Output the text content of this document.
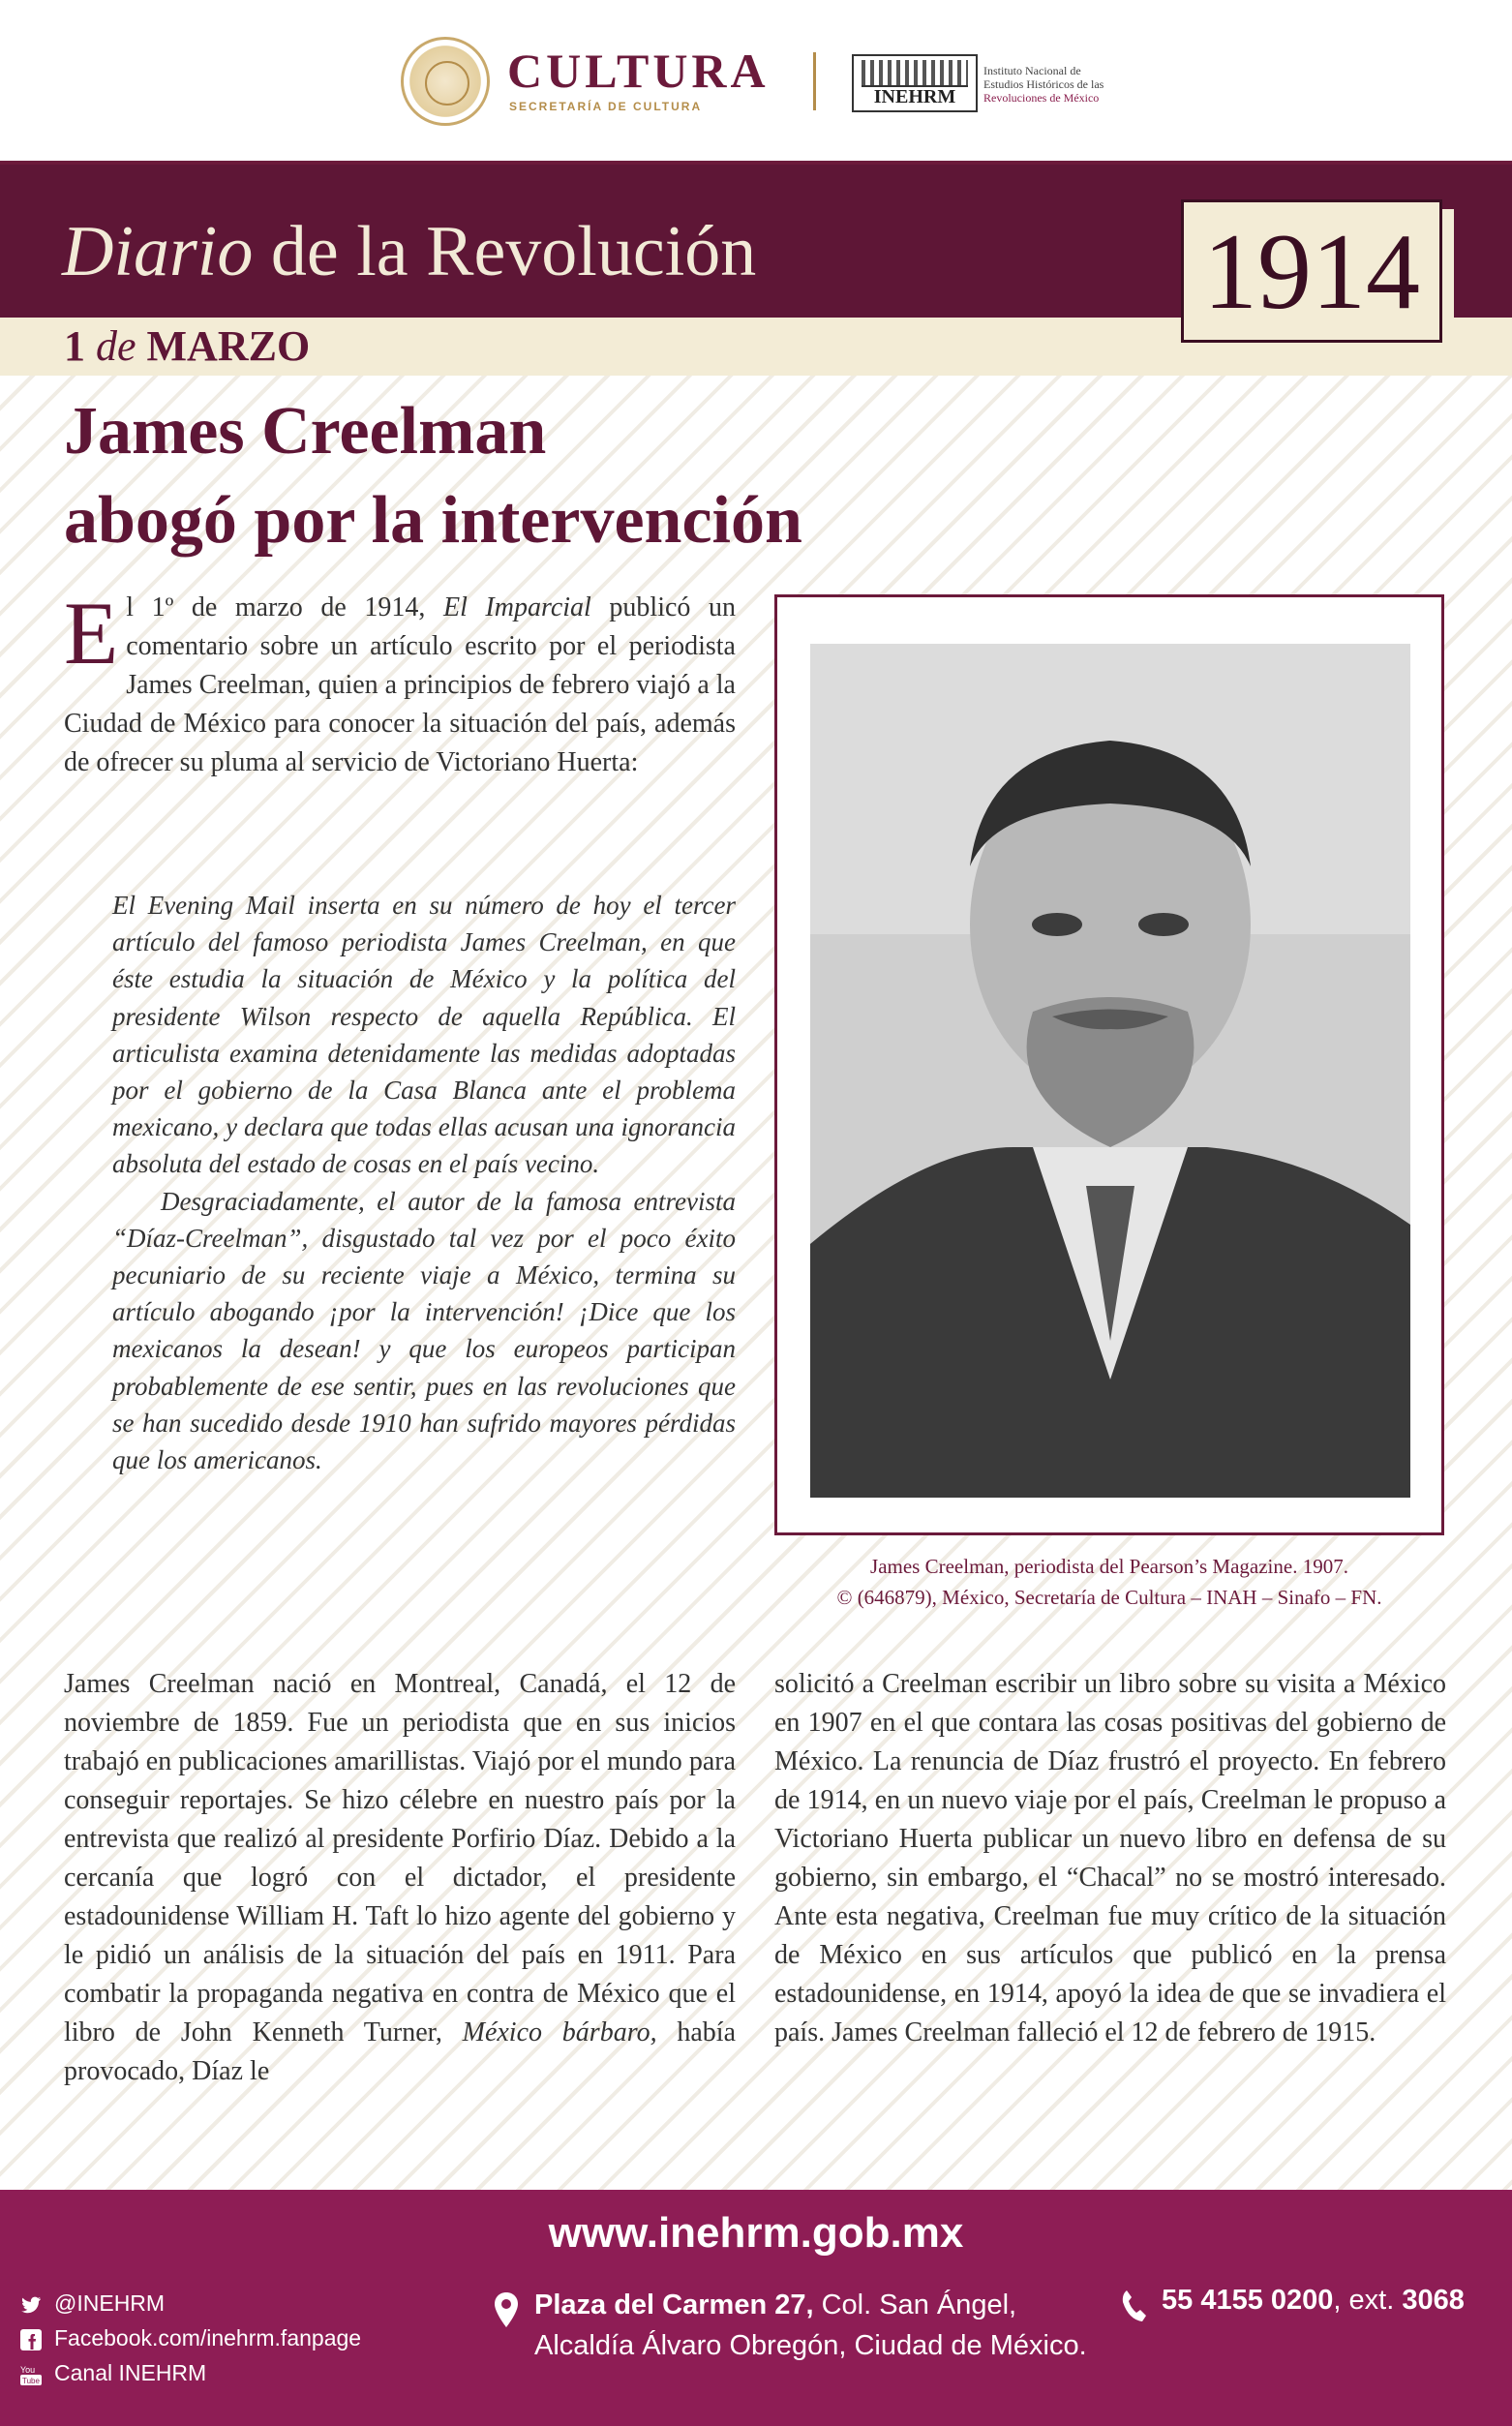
CULTURA
SECRETARÍA DE CULTURA	INEHRM
Instituto Nacional de
Estudios Históricos de las
Revoluciones de México
Diario de la Revolución
1 de MARZO
1914
James Creelman
abogó por la intervención
El 1º de marzo de 1914, El Imparcial publicó un comentario sobre un artículo escrito por el periodista James Creelman, quien a principios de febrero viajó a la Ciudad de México para conocer la situación del país, además de ofrecer su pluma al servicio de Victoriano Huerta:

El Evening Mail inserta en su número de hoy el tercer artículo del famoso periodista James Creelman, en que éste estudia la situación de México y la política del presidente Wilson respecto de aquella República. El articulista examina detenidamente las medidas adoptadas por el gobierno de la Casa Blanca ante el problema mexicano, y declara que todas ellas acusan una ignorancia absoluta del estado de cosas en el país vecino.

Desgraciadamente, el autor de la famosa entrevista “Díaz-Creelman”, disgustado tal vez por el poco éxito pecuniario de su reciente viaje a México, termina su artículo abogando ¡por la intervención! ¡Dice que los mexicanos la desean! y que los europeos participan probablemente de ese sentir, pues en las revoluciones que se han sucedido desde 1910 han sufrido mayores pérdidas que los americanos.

James Creelman, periodista del Pearson’s Magazine. 1907.
© (646879), México, Secretaría de Cultura – INAH – Sinafo – FN.
James Creelman nació en Montreal, Canadá, el 12 de noviembre de 1859. Fue un periodista que en sus inicios trabajó en publicaciones amarillistas. Viajó por el mundo para conseguir reportajes. Se hizo célebre en nuestro país por la entrevista que realizó al presidente Porfirio Díaz. Debido a la cercanía que logró con el dictador, el presidente estadounidense William H. Taft lo hizo agente del gobierno y le pidió un análisis de la situación del país en 1911. Para combatir la propaganda negativa en contra de México que el libro de John Kenneth Turner, México bárbaro, había provocado, Díaz le
solicitó a Creelman escribir un libro sobre su visita a México en 1907 en el que contara las cosas positivas del gobierno de México. La renuncia de Díaz frustró el proyecto. En febrero de 1914, en un nuevo viaje por el país, Creelman le propuso a Victoriano Huerta publicar un nuevo libro en defensa de su gobierno, sin embargo, el “Chacal” no se mostró interesado. Ante esta negativa, Creelman fue muy crítico de la situación de México en sus artículos que publicó en la prensa estadounidense, en 1914, apoyó la idea de que se invadiera el país. James Creelman falleció el 12 de febrero de 1915.
www.inehrm.gob.mx
@INEHRM
Facebook.com/inehrm.fanpage
You
Tube Canal INEHRM
Plaza del Carmen 27, Col. San Ángel,
Alcaldía Álvaro Obregón, Ciudad de México.
55 4155 0200, ext. 3068
